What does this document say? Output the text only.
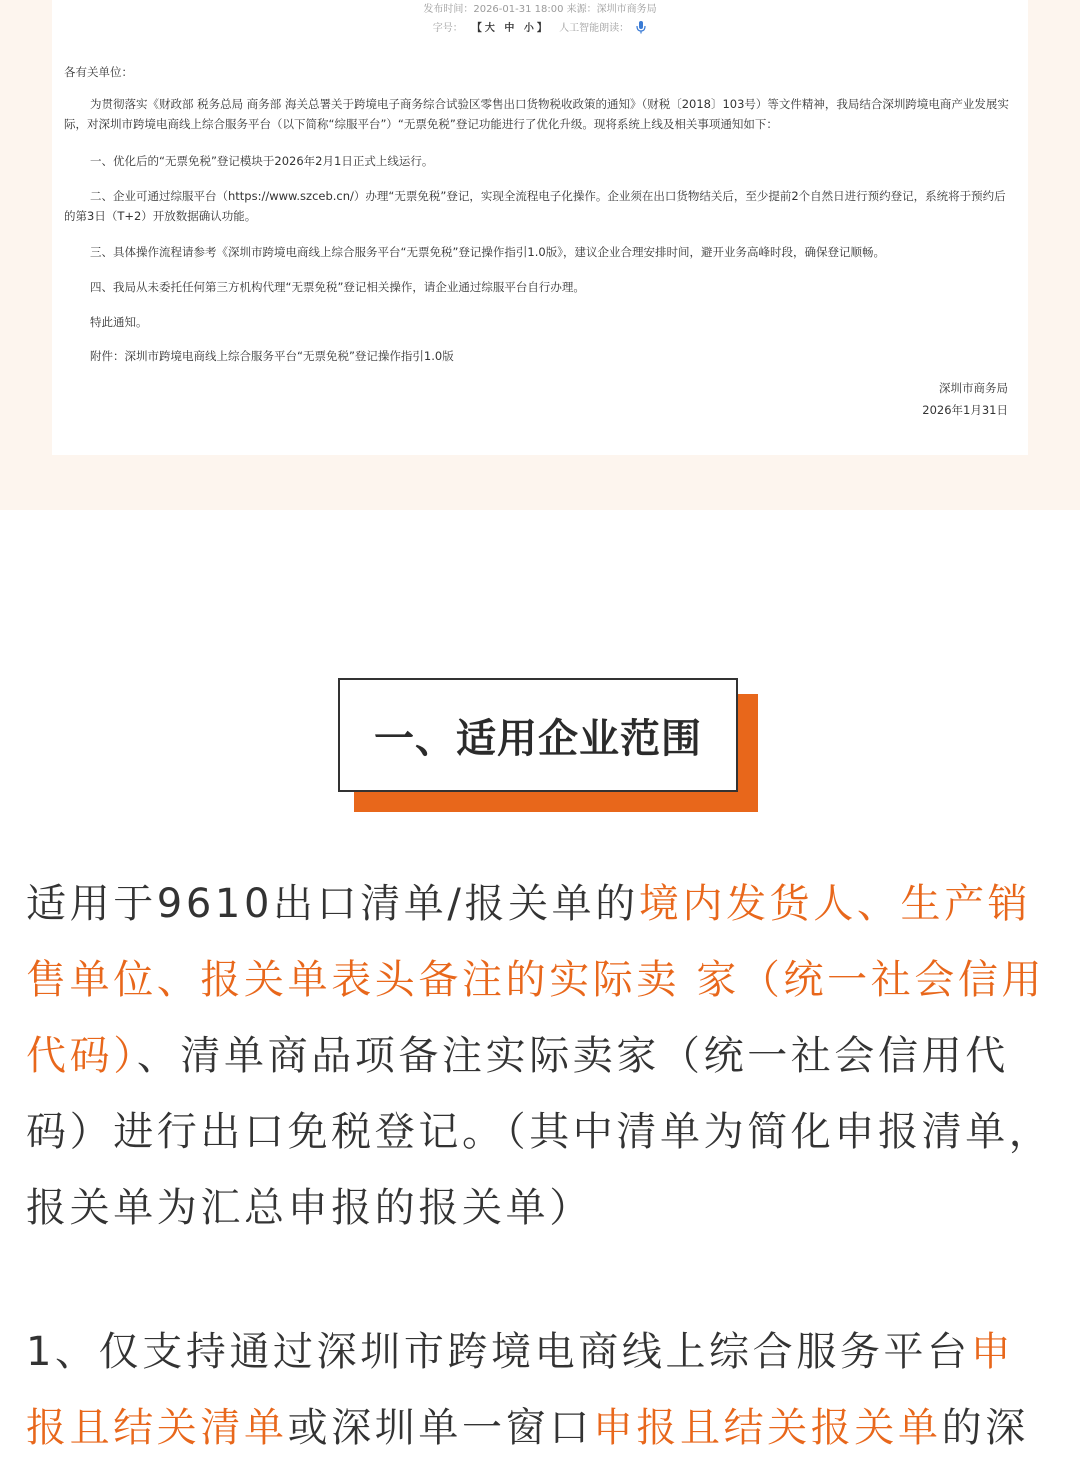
发布时间：2026-01-31 18:00 来源：深圳市商务局
字号： 【大 中 小】 人工智能朗读：
各有关单位：

为贯彻落实《财政部 税务总局 商务部 海关总署关于跨境电子商务综合试验区零售出口货物税收政策的通知》（财税〔2018〕103号）等文件精神，我局结合深圳跨境电商产业发展实际，对深圳市跨境电商线上综合服务平台（以下简称“综服平台”）“无票免税”登记功能进行了优化升级。现将系统上线及相关事项通知如下：

一、优化后的“无票免税”登记模块于2026年2月1日正式上线运行。

二、企业可通过综服平台（https://www.szceb.cn/）办理“无票免税”登记，实现全流程电子化操作。企业须在出口货物结关后，至少提前2个自然日进行预约登记，系统将于预约后的第3日（T+2）开放数据确认功能。

三、具体操作流程请参考《深圳市跨境电商线上综合服务平台“无票免税”登记操作指引1.0版》，建议企业合理安排时间，避开业务高峰时段，确保登记顺畅。

四、我局从未委托任何第三方机构代理“无票免税”登记相关操作，请企业通过综服平台自行办理。

特此通知。

附件：深圳市跨境电商线上综合服务平台“无票免税”登记操作指引1.0版

深圳市商务局
2026年1月31日
一、适用企业范围

适用于9610出口清单/报关单的境内发货人、生产销售单位、报关单表头备注的实际卖 家（统一社会信用代码）、清单商品项备注实际卖家（统一社会信用代码）进行出口免税登记。（其中清单为简化申报清单，报关单为汇总申报的报关单）

1、仅支持通过深圳市跨境电商线上综合服务平台申报且结关清单或深圳单一窗口申报且结关报关单的深
